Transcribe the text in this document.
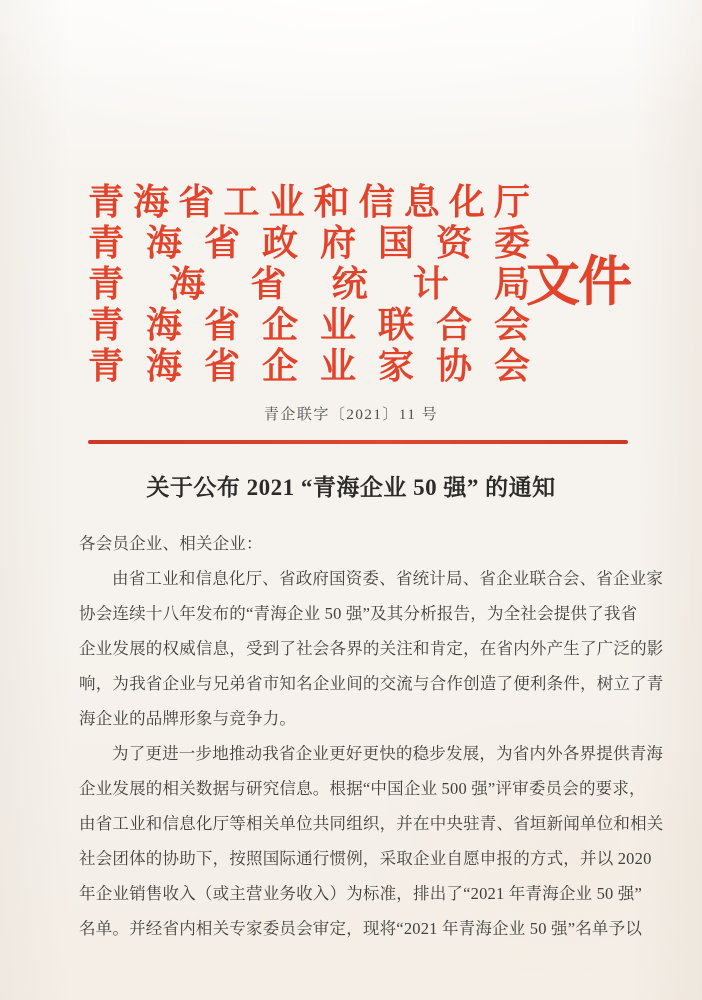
青海省工业和信息化厅
青海省政府国资委
青海省统计局
青海省企业联合会
青海省企业家协会
文件
青企联字〔2021〕11 号
关于公布 2021 “青海企业 50 强” 的通知
各会员企业、相关企业：
由省工业和信息化厅、省政府国资委、省统计局、省企业联合会、省企业家
协会连续十八年发布的“青海企业 50 强”及其分析报告，为全社会提供了我省
企业发展的权威信息，受到了社会各界的关注和肯定，在省内外产生了广泛的影
响，为我省企业与兄弟省市知名企业间的交流与合作创造了便利条件，树立了青
海企业的品牌形象与竞争力。
为了更进一步地推动我省企业更好更快的稳步发展，为省内外各界提供青海
企业发展的相关数据与研究信息。根据“中国企业 500 强”评审委员会的要求，
由省工业和信息化厅等相关单位共同组织，并在中央驻青、省垣新闻单位和相关
社会团体的协助下，按照国际通行惯例，采取企业自愿申报的方式，并以 2020
年企业销售收入（或主营业务收入）为标准，排出了“2021 年青海企业 50 强”
名单。并经省内相关专家委员会审定，现将“2021 年青海企业 50 强”名单予以
